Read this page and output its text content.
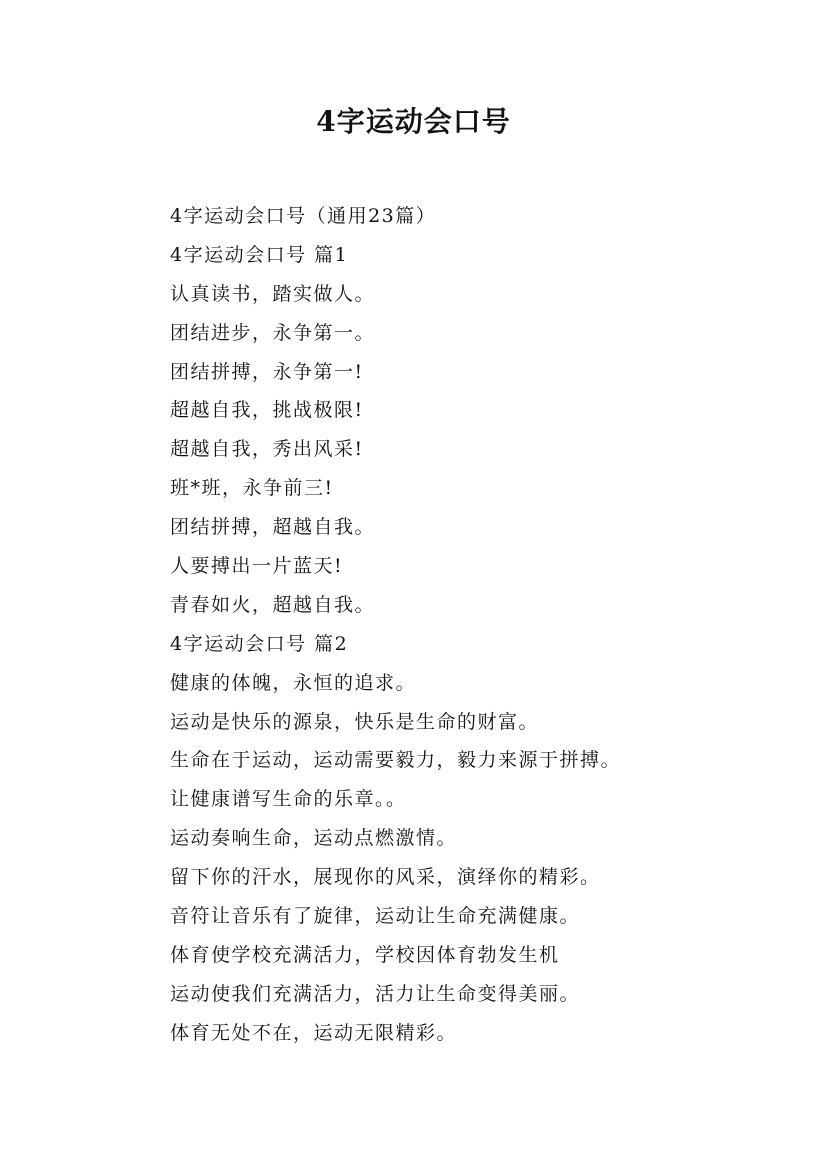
4字运动会口号
4字运动会口号（通用23篇）
4字运动会口号 篇1
认真读书，踏实做人。
团结进步，永争第一。
团结拼搏，永争第一!
超越自我，挑战极限!
超越自我，秀出风采!
班*班，永争前三!
团结拼搏，超越自我。
人要搏出一片蓝天!
青春如火，超越自我。
4字运动会口号 篇2
健康的体魄，永恒的追求。
运动是快乐的源泉，快乐是生命的财富。
生命在于运动，运动需要毅力，毅力来源于拼搏。
让健康谱写生命的乐章。。
运动奏响生命，运动点燃激情。
留下你的汗水，展现你的风采，演绎你的精彩。
音符让音乐有了旋律，运动让生命充满健康。
体育使学校充满活力，学校因体育勃发生机
运动使我们充满活力，活力让生命变得美丽。
体育无处不在，运动无限精彩。
